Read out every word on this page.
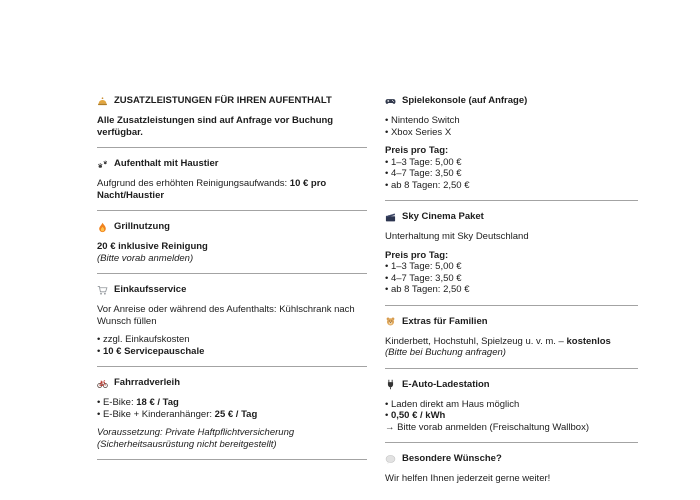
ZUSATZLEISTUNGEN FÜR IHREN AUFENTHALT

Alle Zusatzleistungen sind auf Anfrage vor Buchung verfügbar.

Aufenthalt mit Haustier

Aufgrund des erhöhten Reinigungsaufwands: 10 € pro Nacht/Haustier

Grillnutzung

20 € inklusive Reinigung
(Bitte vorab anmelden)

Einkaufsservice

Vor Anreise oder während des Aufenthalts: Kühlschrank nach Wunsch füllen

• zzgl. Einkaufskosten
• 10 € Servicepauschale

Fahrradverleih

• E-Bike: 18 € / Tag
• E-Bike + Kinderanhänger: 25 € / Tag

Voraussetzung: Private Haftpflichtversicherung
(Sicherheitsausrüstung nicht bereitgestellt)

Spielekonsole (auf Anfrage)

• Nintendo Switch
• Xbox Series X

Preis pro Tag:
• 1–3 Tage: 5,00 €
• 4–7 Tage: 3,50 €
• ab 8 Tagen: 2,50 €

Sky Cinema Paket

Unterhaltung mit Sky Deutschland

Preis pro Tag:
• 1–3 Tage: 5,00 €
• 4–7 Tage: 3,50 €
• ab 8 Tagen: 2,50 €

Extras für Familien

Kinderbett, Hochstuhl, Spielzeug u. v. m. – kostenlos
(Bitte bei Buchung anfragen)

E-Auto-Ladestation

• Laden direkt am Haus möglich
• 0,50 € / kWh
→ Bitte vorab anmelden (Freischaltung Wallbox)

Besondere Wünsche?

Wir helfen Ihnen jederzeit gerne weiter!
